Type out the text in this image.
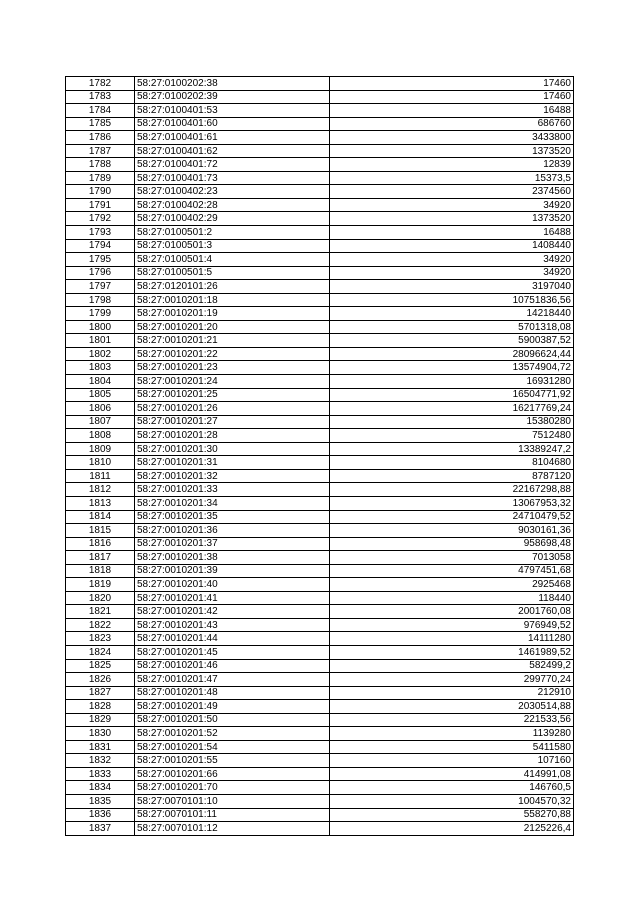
1782	58:27:0100202:38	17460
1783	58:27:0100202:39	17460
1784	58:27:0100401:53	16488
1785	58:27:0100401:60	686760
1786	58:27:0100401:61	3433800
1787	58:27:0100401:62	1373520
1788	58:27:0100401:72	12839
1789	58:27:0100401:73	15373,5
1790	58:27:0100402:23	2374560
1791	58:27:0100402:28	34920
1792	58:27:0100402:29	1373520
1793	58:27:0100501:2	16488
1794	58:27:0100501:3	1408440
1795	58:27:0100501:4	34920
1796	58:27:0100501:5	34920
1797	58:27:0120101:26	3197040
1798	58:27:0010201:18	10751836,56
1799	58:27:0010201:19	14218440
1800	58:27:0010201:20	5701318,08
1801	58:27:0010201:21	5900387,52
1802	58:27:0010201:22	28096624,44
1803	58:27:0010201:23	13574904,72
1804	58:27:0010201:24	16931280
1805	58:27:0010201:25	16504771,92
1806	58:27:0010201:26	16217769,24
1807	58:27:0010201:27	15380280
1808	58:27:0010201:28	7512480
1809	58:27:0010201:30	13389247,2
1810	58:27:0010201:31	8104680
1811	58:27:0010201:32	8787120
1812	58:27:0010201:33	22167298,88
1813	58:27:0010201:34	13067953,32
1814	58:27:0010201:35	24710479,52
1815	58:27:0010201:36	9030161,36
1816	58:27:0010201:37	958698,48
1817	58:27:0010201:38	7013058
1818	58:27:0010201:39	4797451,68
1819	58:27:0010201:40	2925468
1820	58:27:0010201:41	118440
1821	58:27:0010201:42	2001760,08
1822	58:27:0010201:43	976949,52
1823	58:27:0010201:44	14111280
1824	58:27:0010201:45	1461989,52
1825	58:27:0010201:46	582499,2
1826	58:27:0010201:47	299770,24
1827	58:27:0010201:48	212910
1828	58:27:0010201:49	2030514,88
1829	58:27:0010201:50	221533,56
1830	58:27:0010201:52	1139280
1831	58:27:0010201:54	5411580
1832	58:27:0010201:55	107160
1833	58:27:0010201:66	414991,08
1834	58:27:0010201:70	146760,5
1835	58:27:0070101:10	1004570,32
1836	58:27:0070101:11	558270,88
1837	58:27:0070101:12	2125226,4
